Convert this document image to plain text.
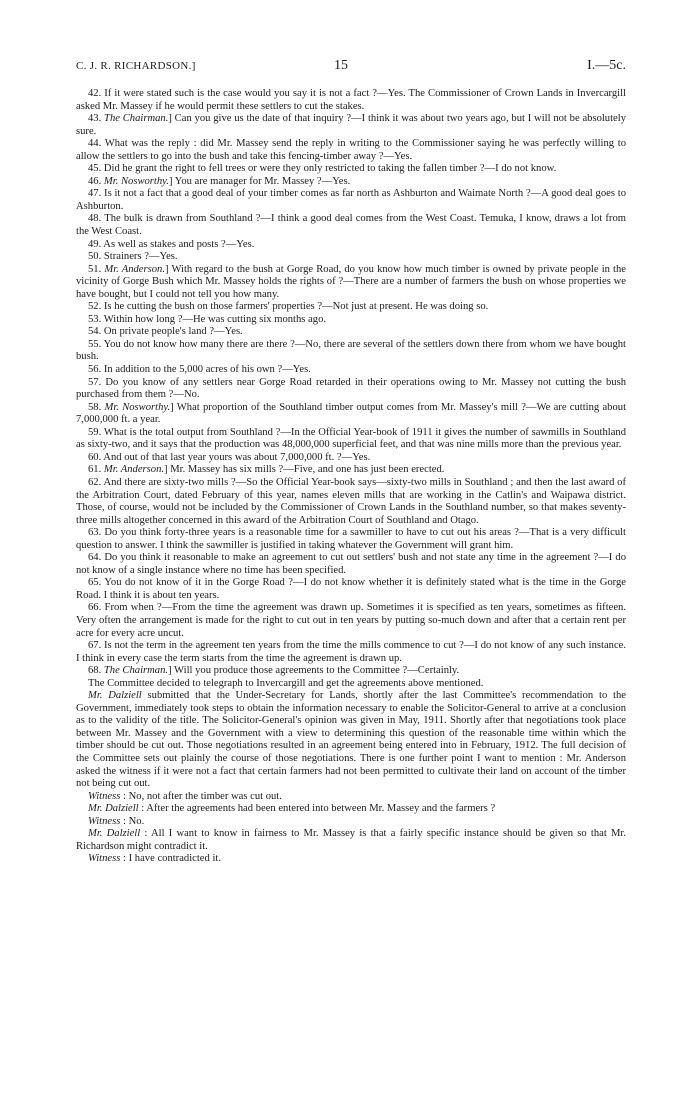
C. J. R. RICHARDSON.]	15	I.—5c.

42. If it were stated such is the case would you say it is not a fact ?—Yes. The Commissioner of Crown Lands in Invercargill asked Mr. Massey if he would permit these settlers to cut the stakes.

43. The Chairman.] Can you give us the date of that inquiry ?—I think it was about two years ago, but I will not be absolutely sure.

44. What was the reply : did Mr. Massey send the reply in writing to the Commissioner saying he was perfectly willing to allow the settlers to go into the bush and take this fencing-timber away ?—Yes.

45. Did he grant the right to fell trees or were they only restricted to taking the fallen timber ?—I do not know.

46. Mr. Nosworthy.] You are manager for Mr. Massey ?—Yes.

47. Is it not a fact that a good deal of your timber comes as far north as Ashburton and Waimate North ?—A good deal goes to Ashburton.

48. The bulk is drawn from Southland ?—I think a good deal comes from the West Coast. Temuka, I know, draws a lot from the West Coast.

49. As well as stakes and posts ?—Yes.

50. Strainers ?—Yes.

51. Mr. Anderson.] With regard to the bush at Gorge Road, do you know how much timber is owned by private people in the vicinity of Gorge Bush which Mr. Massey holds the rights of ?—There are a number of farmers the bush on whose properties we have bought, but I could not tell you how many.

52. Is he cutting the bush on those farmers' properties ?—Not just at present. He was doing so.

53. Within how long ?—He was cutting six months ago.

54. On private people's land ?—Yes.

55. You do not know how many there are there ?—No, there are several of the settlers down there from whom we have bought bush.

56. In addition to the 5,000 acres of his own ?—Yes.

57. Do you know of any settlers near Gorge Road retarded in their operations owing to Mr. Massey not cutting the bush purchased from them ?—No.

58. Mr. Nosworthy.] What proportion of the Southland timber output comes from Mr. Massey's mill ?—We are cutting about 7,000,000 ft. a year.

59. What is the total output from Southland ?—In the Official Year-book of 1911 it gives the number of sawmills in Southland as sixty-two, and it says that the production was 48,000,000 superficial feet, and that was nine mills more than the previous year.

60. And out of that last year yours was about 7,000,000 ft. ?—Yes.

61. Mr. Anderson.] Mr. Massey has six mills ?—Five, and one has just been erected.

62. And there are sixty-two mills ?—So the Official Year-book says—sixty-two mills in Southland ; and then the last award of the Arbitration Court, dated February of this year, names eleven mills that are working in the Catlin's and Waipawa district. Those, of course, would not be included by the Commissioner of Crown Lands in the Southland number, so that makes seventy-three mills altogether concerned in this award of the Arbitration Court of Southland and Otago.

63. Do you think forty-three years is a reasonable time for a sawmiller to have to cut out his areas ?—That is a very difficult question to answer. I think the sawmiller is justified in taking whatever the Government will grant him.

64. Do you think it reasonable to make an agreement to cut out settlers' bush and not state any time in the agreement ?—I do not know of a single instance where no time has been specified.

65. You do not know of it in the Gorge Road ?—I do not know whether it is definitely stated what is the time in the Gorge Road. I think it is about ten years.

66. From when ?—From the time the agreement was drawn up. Sometimes it is specified as ten years, sometimes as fifteen. Very often the arrangement is made for the right to cut out in ten years by putting so-much down and after that a certain rent per acre for every acre uncut.

67. Is not the term in the agreement ten years from the time the mills commence to cut ?—I do not know of any such instance. I think in every case the term starts from the time the agreement is drawn up.

68. The Chairman.] Will you produce those agreements to the Committee ?—Certainly.

The Committee decided to telegraph to Invercargill and get the agreements above mentioned.

Mr. Dalziell submitted that the Under-Secretary for Lands, shortly after the last Committee's recommendation to the Government, immediately took steps to obtain the information necessary to enable the Solicitor-General to arrive at a conclusion as to the validity of the title. The Solicitor-General's opinion was given in May, 1911. Shortly after that negotiations took place between Mr. Massey and the Government with a view to determining this question of the reasonable time within which the timber should be cut out. Those negotiations resulted in an agreement being entered into in February, 1912. The full decision of the Committee sets out plainly the course of those negotiations. There is one further point I want to mention : Mr. Anderson asked the witness if it were not a fact that certain farmers had not been permitted to cultivate their land on account of the timber not being cut out.

Witness : No, not after the timber was cut out.

Mr. Dalziell : After the agreements had been entered into between Mr. Massey and the farmers ?

Witness : No.

Mr. Dalziell : All I want to know in fairness to Mr. Massey is that a fairly specific instance should be given so that Mr. Richardson might contradict it.

Witness : I have contradicted it.
